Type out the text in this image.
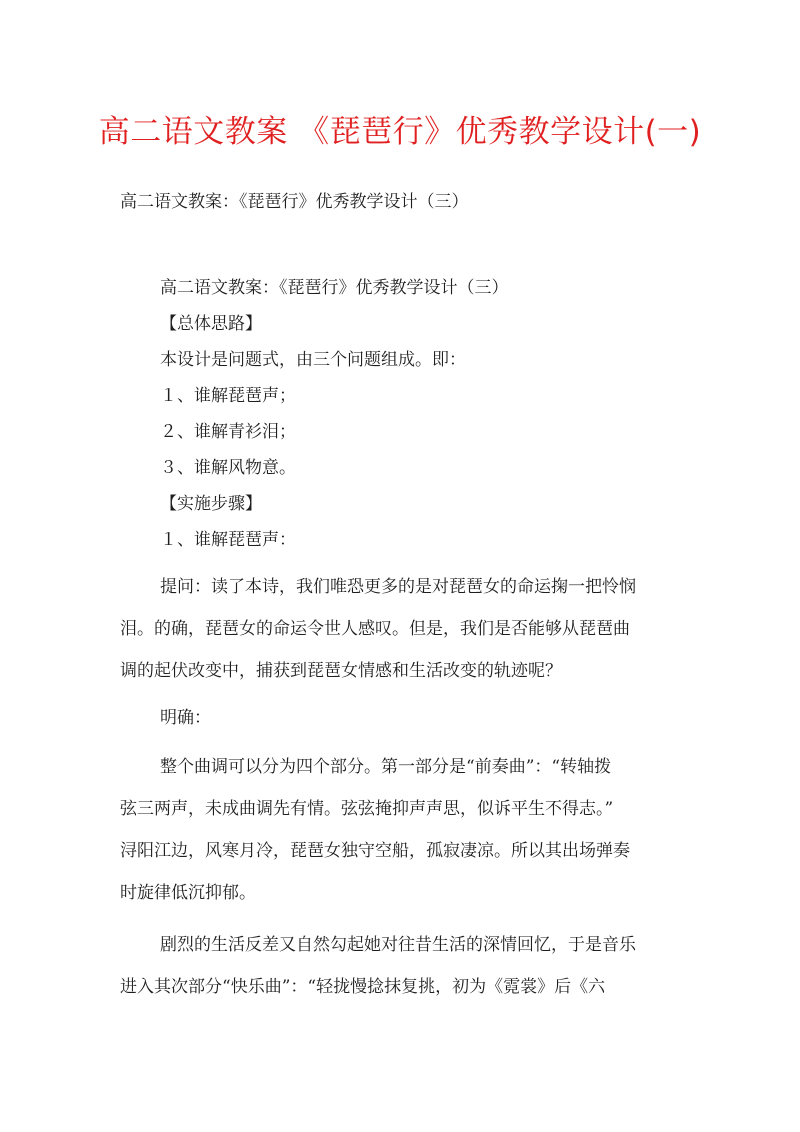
高二语文教案 《琵琶行》优秀教学设计(一)
高二语文教案：《琵琶行》优秀教学设计（三）

高二语文教案：《琵琶行》优秀教学设计（三）

【总体思路】

本设计是问题式，由三个问题组成。即：

１、谁解琵琶声；

２、谁解青衫泪；

３、谁解风物意。

【实施步骤】

１、谁解琵琶声：

提问：读了本诗，我们唯恐更多的是对琵琶女的命运掬一把怜悯
泪。的确，琵琶女的命运令世人感叹。但是，我们是否能够从琵琶曲
调的起伏改变中，捕获到琵琶女情感和生活改变的轨迹呢？

明确：

整个曲调可以分为四个部分。第一部分是“前奏曲”：“转轴拨
弦三两声，未成曲调先有情。弦弦掩抑声声思，似诉平生不得志。”
浔阳江边，风寒月冷，琵琶女独守空船，孤寂凄凉。所以其出场弹奏
时旋律低沉抑郁。
剧烈的生活反差又自然勾起她对往昔生活的深情回忆，于是音乐
进入其次部分“快乐曲”：“轻拢慢捻抹复挑，初为《霓裳》后《六
